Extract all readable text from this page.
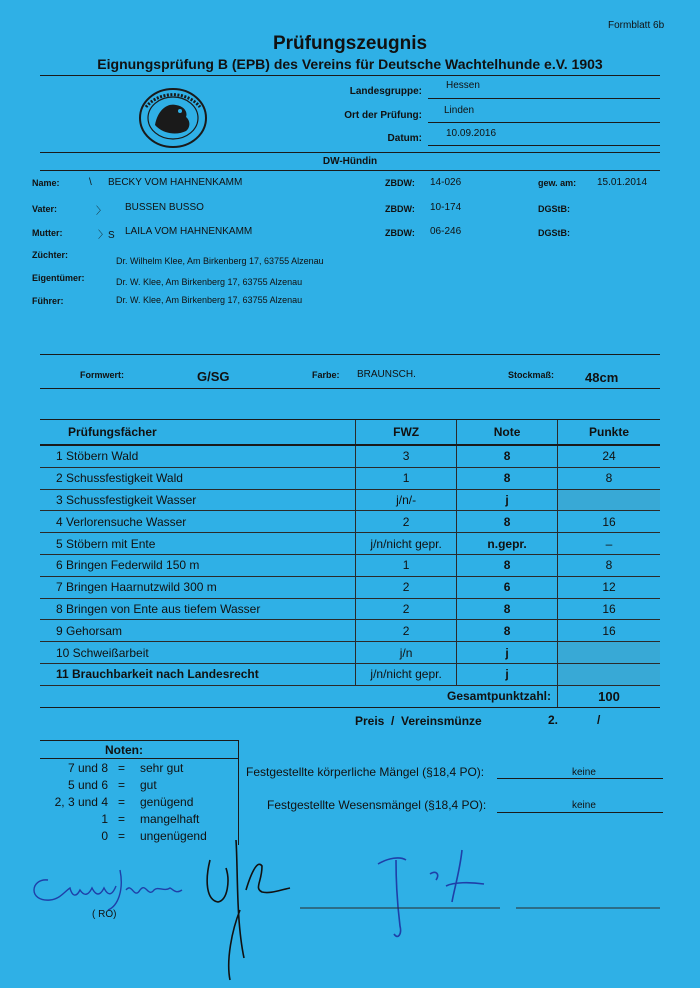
Formblatt 6b
Prüfungszeugnis
Eignungsprüfung B (EPB) des Vereins für Deutsche Wachtelhunde e.V. 1903
Landesgruppe:
Hessen
Ort der Prüfung: Linden
Datum: 10.09.2016
DW-Hündin
Name:	\ BECKY VOM HAHNENKAMM	ZBDW: 14-026	gew. am: 15.01.2014
Vater:	〉 BUSSEN BUSSO	ZBDW: 10-174	DGStB:
Mutter:	〉S LAILA VOM HAHNENKAMM	ZBDW: 06-246	DGStB:
Züchter:
Dr. Wilhelm Klee, Am Birkenberg 17, 63755 Alzenau
Eigentümer:	Dr. W. Klee, Am Birkenberg 17, 63755 Alzenau
Führer:	Dr. W. Klee, Am Birkenberg 17, 63755 Alzenau
Formwert:	G/SG	Farbe: BRAUNSCH.	Stockmaß: 48cm
Prüfungsfächer	FWZ	Note	Punkte
1 Stöbern Wald	3	8	24
2 Schussfestigkeit Wald	1	8	8
3 Schussfestigkeit Wasser	j/n/-	j	
4 Verlorensuche Wasser	2	8	16
5 Stöbern mit Ente	j/n/nicht gepr.	n.gepr.	–
6 Bringen Federwild 150 m	1	8	8
7 Bringen Haarnutzwild 300 m	2	6	12
8 Bringen von Ente aus tiefem Wasser	2	8	16
9 Gehorsam	2	8	16
10 Schweißarbeit	j/n	j	
11 Brauchbarkeit nach Landesrecht	j/n/nicht gepr.	j	
Gesamtpunktzahl:			100
Preis  /  Vereinsmünze	2.	/
Noten:
7 und 8 = sehr gut
5 und 6 = gut
2, 3 und 4 = genügend
1 = mangelhaft
0 = ungenügend
Festgestellte körperliche Mängel (§18,4 PO):	keine
Festgestellte Wesensmängel (§18,4 PO):	keine
( RO)
